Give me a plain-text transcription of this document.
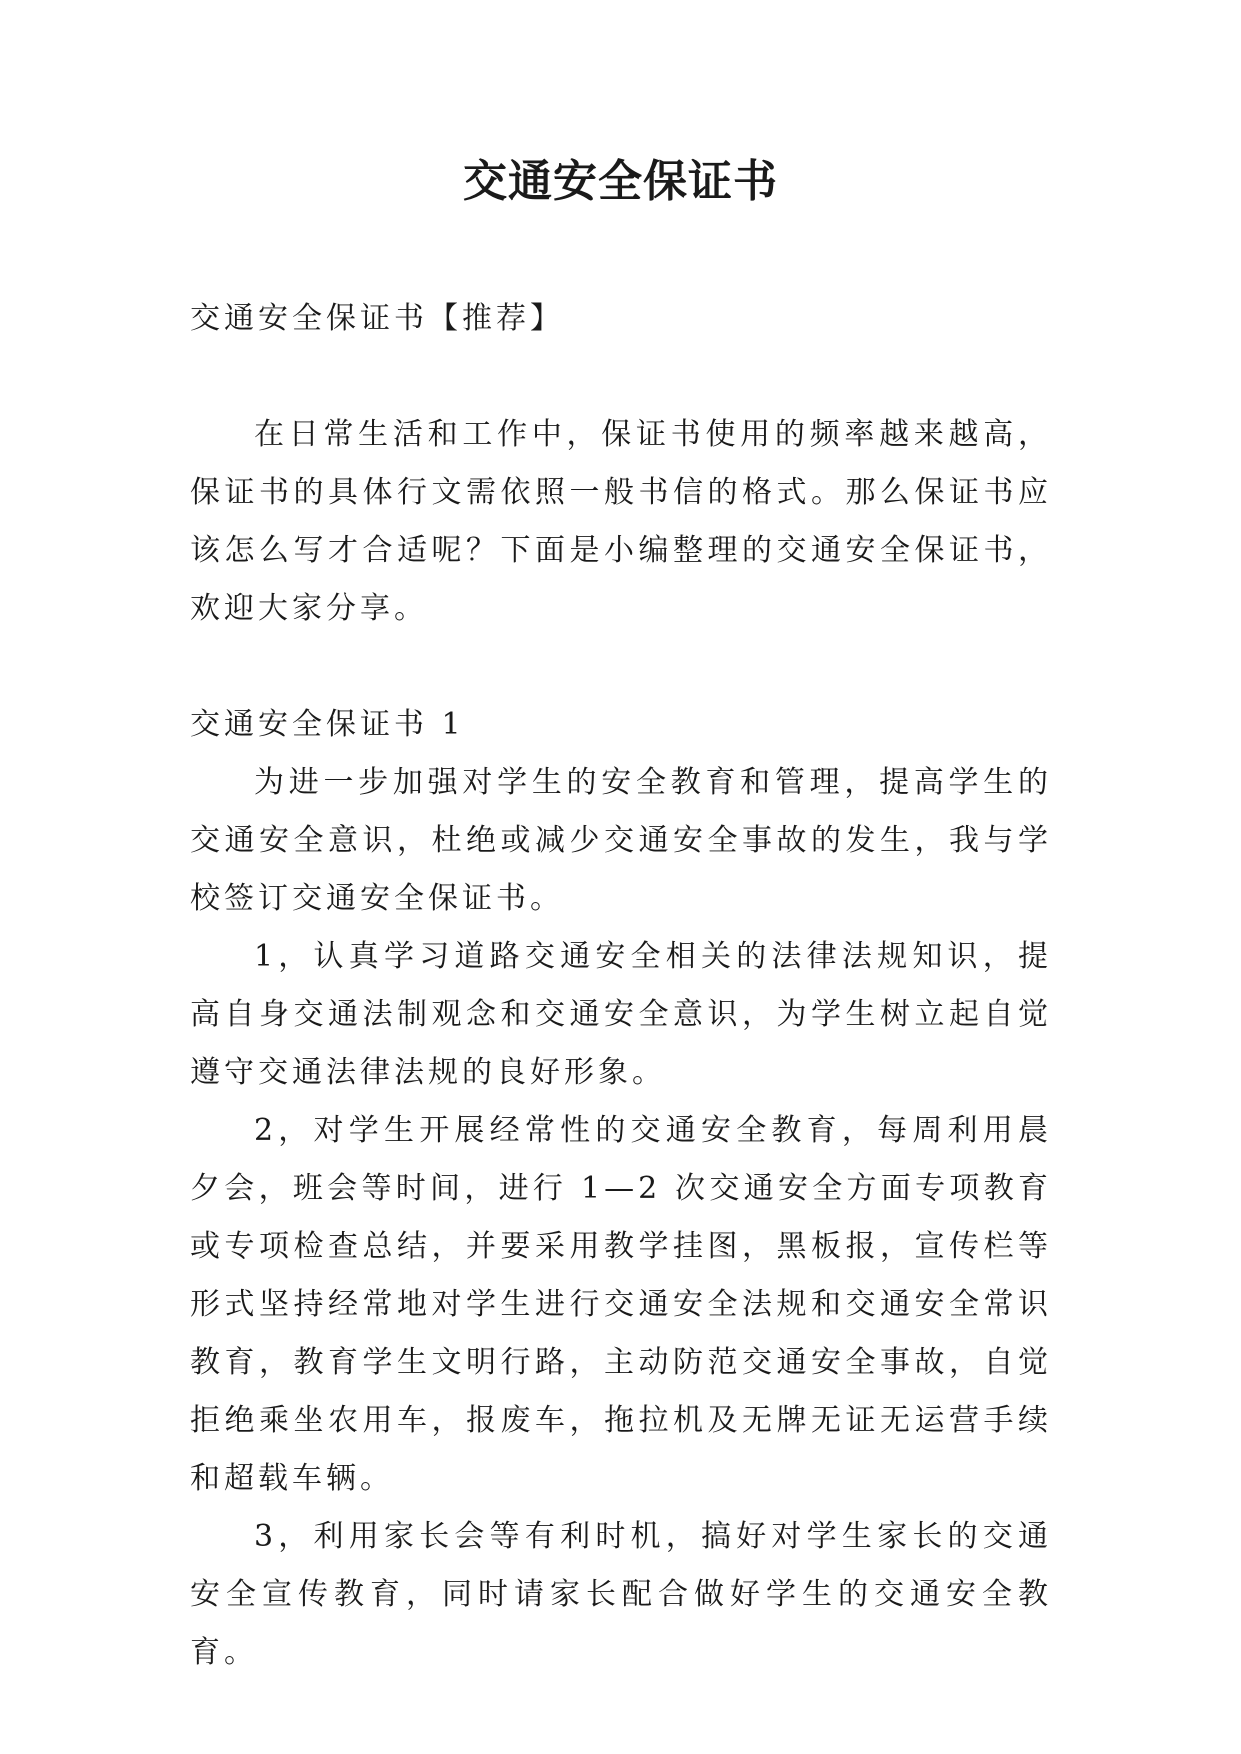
交通安全保证书

交通安全保证书【推荐】

在日常生活和工作中，保证书使用的频率越来越高，保证书的具体行文需依照一般书信的格式。那么保证书应该怎么写才合适呢？下面是小编整理的交通安全保证书，欢迎大家分享。

交通安全保证书 1

为进一步加强对学生的安全教育和管理，提高学生的交通安全意识，杜绝或减少交通安全事故的发生，我与学校签订交通安全保证书。

1，认真学习道路交通安全相关的法律法规知识，提高自身交通法制观念和交通安全意识，为学生树立起自觉遵守交通法律法规的良好形象。

2，对学生开展经常性的交通安全教育，每周利用晨夕会，班会等时间，进行 1—2 次交通安全方面专项教育或专项检查总结，并要采用教学挂图，黑板报，宣传栏等形式坚持经常地对学生进行交通安全法规和交通安全常识教育，教育学生文明行路，主动防范交通安全事故，自觉拒绝乘坐农用车，报废车，拖拉机及无牌无证无运营手续和超载车辆。

3，利用家长会等有利时机，搞好对学生家长的交通安全宣传教育，同时请家长配合做好学生的交通安全教育。
